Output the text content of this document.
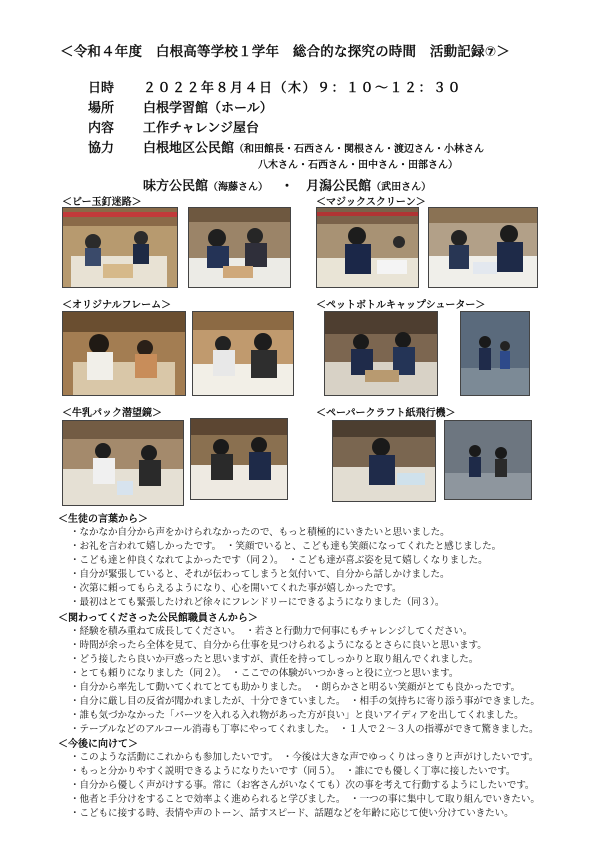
＜令和４年度　白根高等学校１学年　総合的な探究の時間　活動記録⑦＞
日時 ２０２２年８月４日（木）９：１０～１２：３０
場所 白根学習館（ホール）
内容 工作チャレンジ屋台
協力 白根地区公民館（和田館長・石西さん・関根さん・渡辺さん・小林さん
八木さん・石西さん・田中さん・田部さん）
味方公民館（海藤さん） ・ 月潟公民館（武田さん）
＜ビー玉釘迷路＞	＜マジックスクリーン＞
＜オリジナルフレーム＞	＜ペットボトルキャップシューター＞
＜牛乳パック潜望鏡＞	＜ペーパークラフト紙飛行機＞
＜生徒の言葉から＞
・なかなか自分から声をかけられなかったので、もっと積極的にいきたいと思いました。
・お礼を言われて嬉しかったです。　・笑顔でいると、こども達も笑顔になってくれたと感じました。
・こども達と仲良くなれてよかったです（同２）。　・こども達が喜ぶ姿を見て嬉しくなりました。
・自分が緊張していると、それが伝わってしまうと気付いて、自分から話しかけました。
・次第に頼ってもらえるようになり、心を開いてくれた事が嬉しかったです。
・最初はとても緊張したけれど徐々にフレンドリーにできるようになりました（同３）。
＜関わってくださった公民館職員さんから＞
・経験を積み重ねて成長してください。　・若さと行動力で何事にもチャレンジしてください。
・時間が余ったら全体を見て、自分から仕事を見つけられるようになるとさらに良いと思います。
・どう接したら良いか戸惑ったと思いますが、責任を持ってしっかりと取り組んでくれました。
・とても頼りになりました（同２）。　・ここでの体験がいつかきっと役に立つと思います。
・自分から率先して動いてくれてとても助かりました。　・朗らかさと明るい笑顔がとても良かったです。
・自分に厳し目の反省が聞かれましたが、十分できていました。　・相手の気持ちに寄り添う事ができました。
・誰も気づかなかった「パーツを入れる入れ物があった方が良い」と良いアイディアを出してくれました。
・テーブルなどのアルコール消毒も丁寧にやってくれました。　・１人で２～３人の指導ができて驚きました。
＜今後に向けて＞
・このような活動にこれからも参加したいです。　・今後は大きな声でゆっくりはっきりと声がけしたいです。
・もっと分かりやすく説明できるようになりたいです（同５）。　・誰にでも優しく丁寧に接したいです。
・自分から優しく声がけする事。常に（お客さんがいなくても）次の事を考えて行動するようにしたいです。
・他者と手分けをすることで効率よく進められると学びました。　・一つの事に集中して取り組んでいきたい。
・こどもに接する時、表情や声のトーン、話すスピード、話題などを年齢に応じて使い分けていきたい。
